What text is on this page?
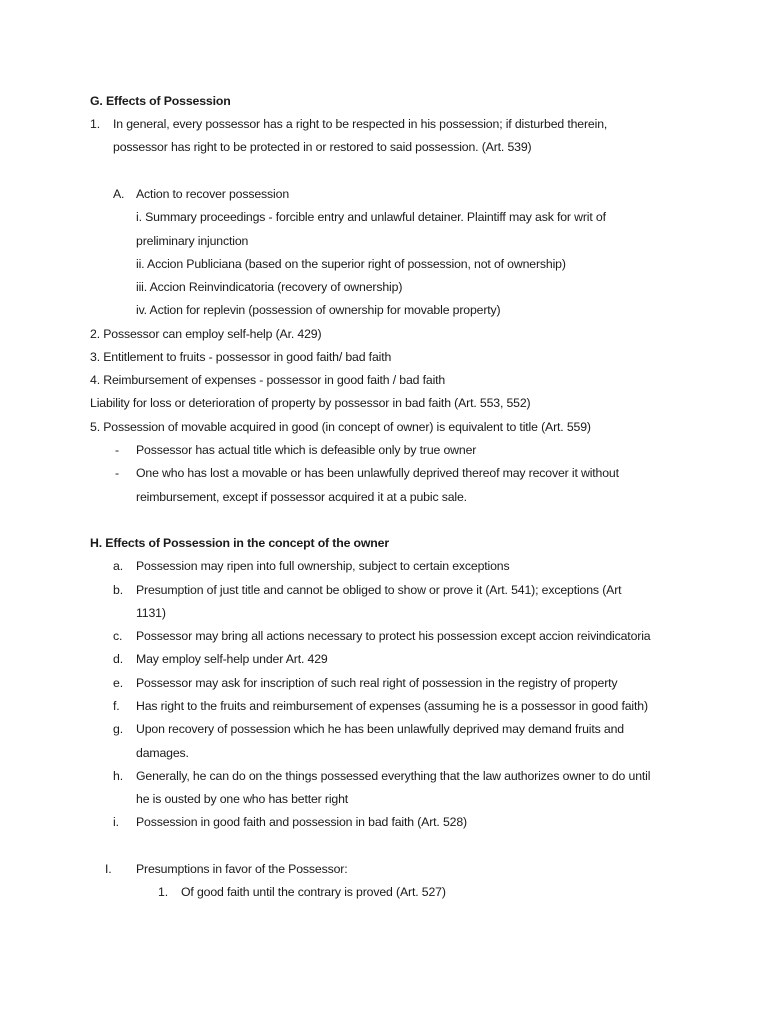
G. Effects of Possession
1. In general, every possessor has a right to be respected in his possession; if disturbed therein,
possessor has right to be protected in or restored to said possession. (Art. 539)
A. Action to recover possession
i. Summary proceedings - forcible entry and unlawful detainer. Plaintiff may ask for writ of
preliminary injunction
ii. Accion Publiciana (based on the superior right of possession, not of ownership)
iii. Accion Reinvindicatoria (recovery of ownership)
iv. Action for replevin (possession of ownership for movable property)
2. Possessor can employ self-help (Ar. 429)
3. Entitlement to fruits - possessor in good faith/ bad faith
4. Reimbursement of expenses - possessor in good faith / bad faith
Liability for loss or deterioration of property by possessor in bad faith (Art. 553, 552)
5. Possession of movable acquired in good (in concept of owner) is equivalent to title (Art. 559)
- Possessor has actual title which is defeasible only by true owner
- One who has lost a movable or has been unlawfully deprived thereof may recover it without
reimbursement, except if possessor acquired it at a pubic sale.
H. Effects of Possession in the concept of the owner
a. Possession may ripen into full ownership, subject to certain exceptions
b. Presumption of just title and cannot be obliged to show or prove it (Art. 541); exceptions (Art
1131)
c. Possessor may bring all actions necessary to protect his possession except accion reivindicatoria
d. May employ self-help under Art. 429
e. Possessor may ask for inscription of such real right of possession in the registry of property
f. Has right to the fruits and reimbursement of expenses (assuming he is a possessor in good faith)
g. Upon recovery of possession which he has been unlawfully deprived may demand fruits and
damages.
h. Generally, he can do on the things possessed everything that the law authorizes owner to do until
he is ousted by one who has better right
i. Possession in good faith and possession in bad faith (Art. 528)
I. Presumptions in favor of the Possessor:
1. Of good faith until the contrary is proved (Art. 527)
